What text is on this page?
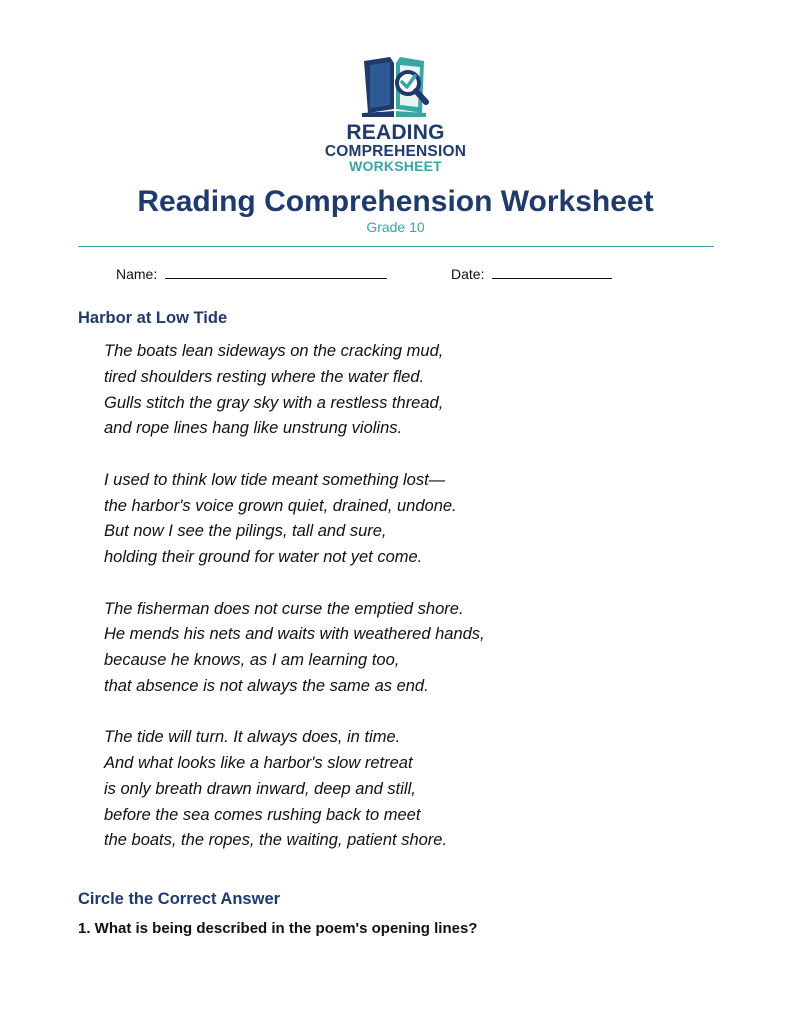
READING
COMPREHENSION
WORKSHEET
Reading Comprehension Worksheet
Grade 10
Name:	Date:
Harbor at Low Tide
The boats lean sideways on the cracking mud,
tired shoulders resting where the water fled.
Gulls stitch the gray sky with a restless thread,
and rope lines hang like unstrung violins.
I used to think low tide meant something lost—
the harbor's voice grown quiet, drained, undone.
But now I see the pilings, tall and sure,
holding their ground for water not yet come.
The fisherman does not curse the emptied shore.
He mends his nets and waits with weathered hands,
because he knows, as I am learning too,
that absence is not always the same as end.
The tide will turn. It always does, in time.
And what looks like a harbor's slow retreat
is only breath drawn inward, deep and still,
before the sea comes rushing back to meet
the boats, the ropes, the waiting, patient shore.
Circle the Correct Answer
1. What is being described in the poem's opening lines?
